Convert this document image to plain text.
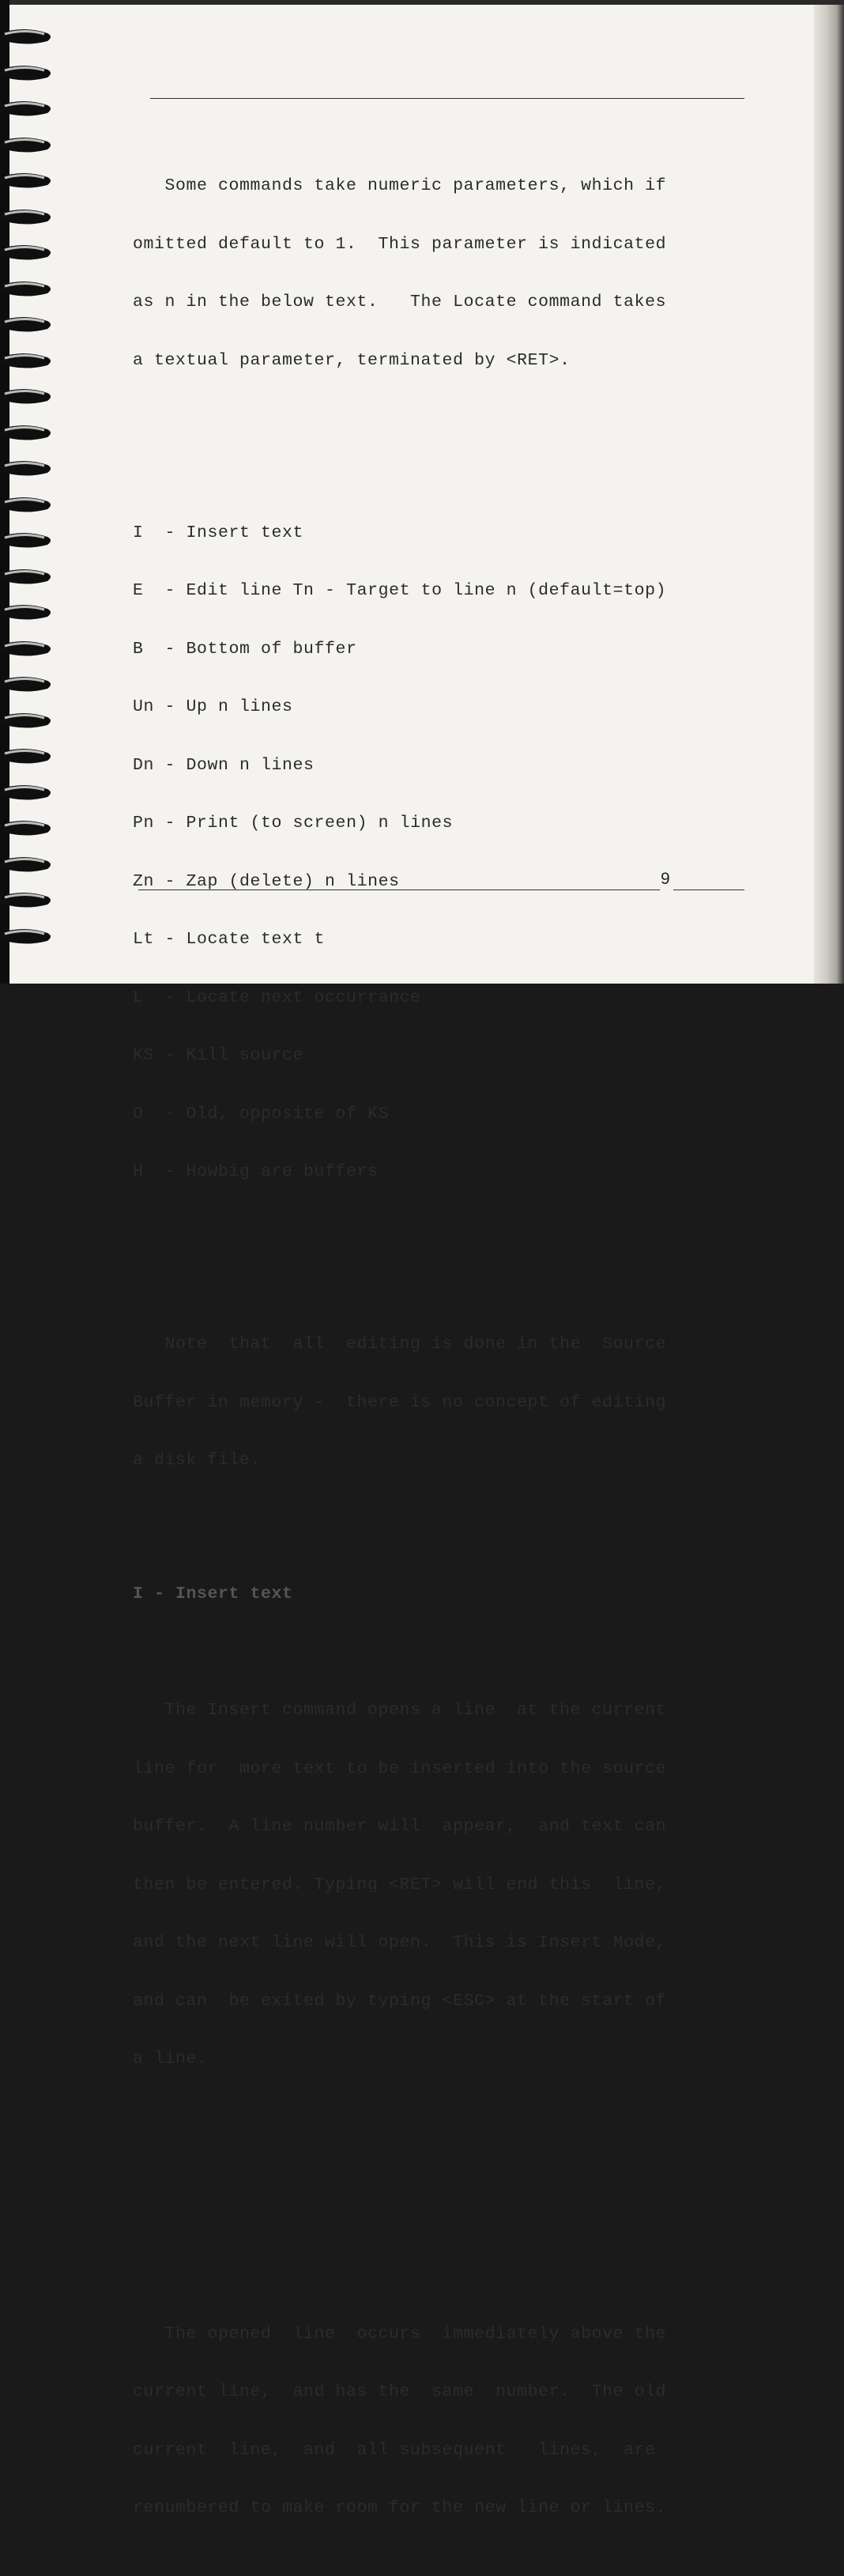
Some commands take numeric parameters, which if

omitted default to 1.  This parameter is indicated

as n in the below text.   The Locate command takes

a textual parameter, terminated by <RET>.

I  - Insert text

E  - Edit line Tn - Target to line n (default=top)

B  - Bottom of buffer

Un - Up n lines

Dn - Down n lines

Pn - Print (to screen) n lines

Zn - Zap (delete) n lines

Lt - Locate text t

L  - Locate next occurrance

KS - Kill source

O  - Old, opposite of KS

H  - Howbig are buffers

Note  that  all  editing is done in the  Source

Buffer in memory -  there is no concept of editing

a disk file.

I - Insert text

The Insert command opens a line  at the current

line for  more text to be inserted into the source

buffer.  A line number will  appear,  and text can

then be entered. Typing <RET> will end this  line,

and the next line will open.  This is Insert Mode,

and can  be exited by typing <ESC> at the start of

a line.

The opened  line  occurs  immediately above the

current line,  and has the  same  number.  The old

current  line,  and  all subsequent   lines,  are

renumbered to make room for the new line or lines.

9
